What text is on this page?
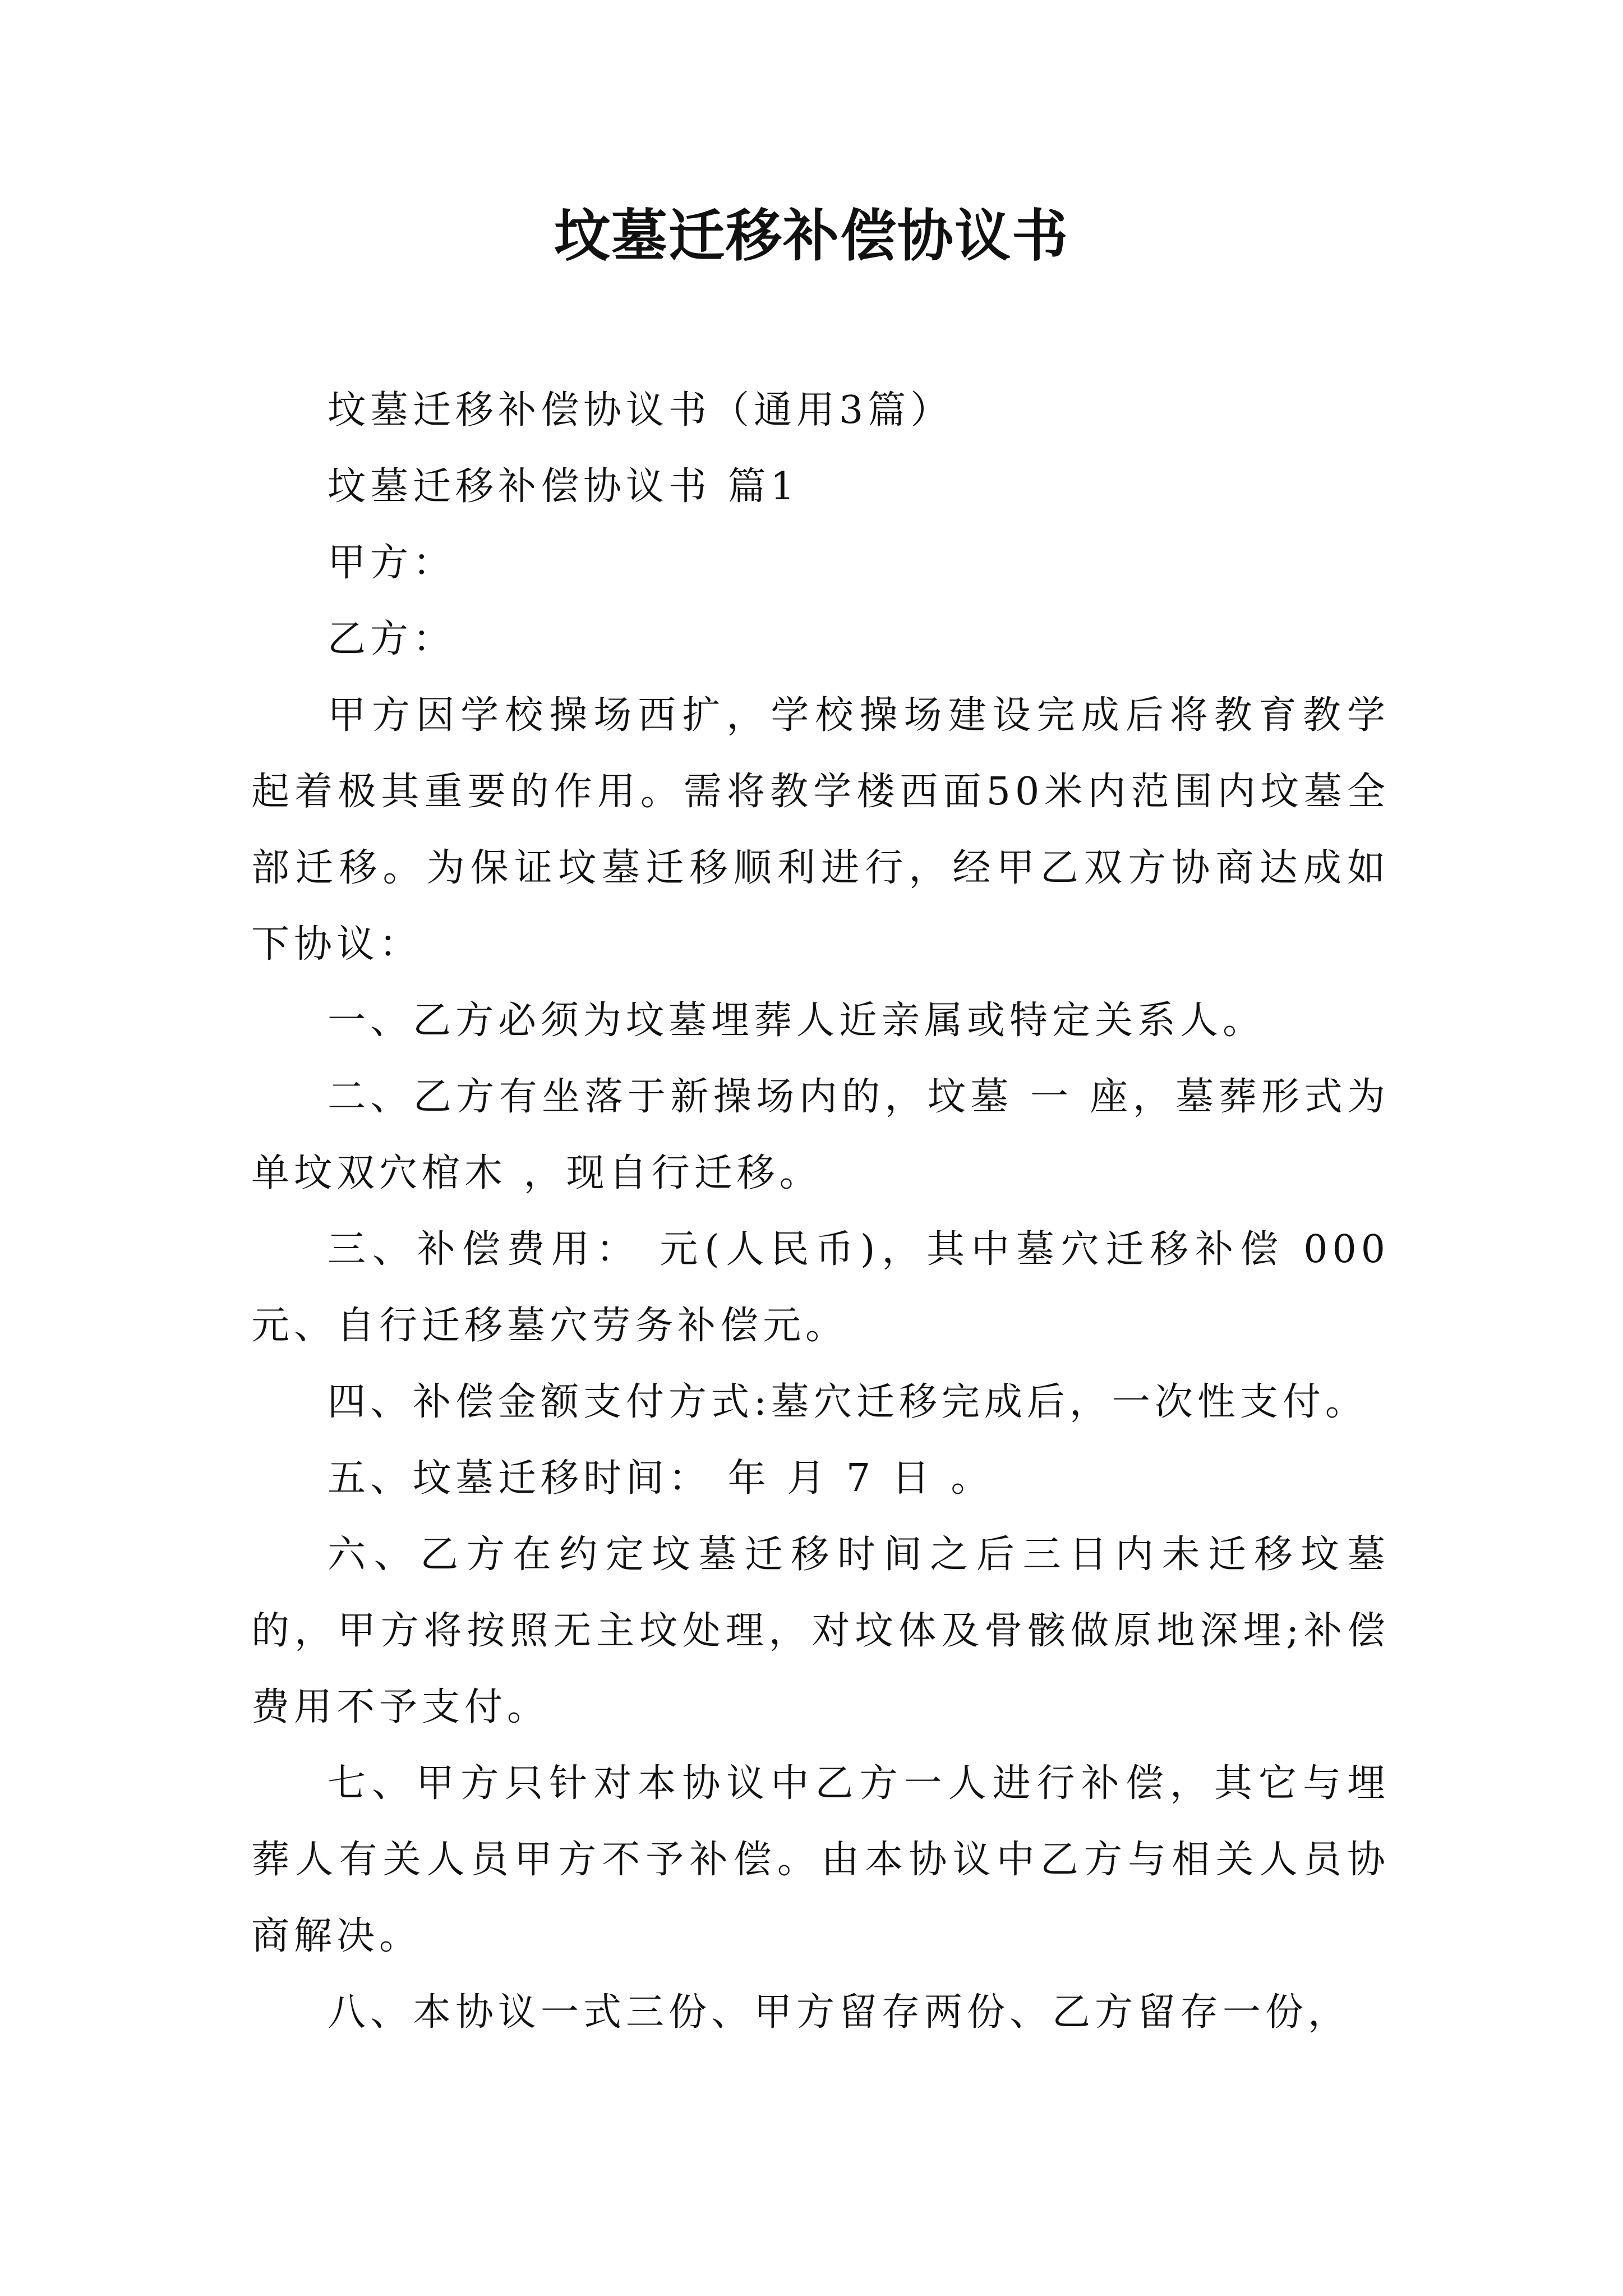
坟墓迁移补偿协议书

坟墓迁移补偿协议书（通用3篇）

坟墓迁移补偿协议书 篇1

甲方：

乙方：

甲方因学校操场西扩，学校操场建设完成后将教育教学起着极其重要的作用。需将教学楼西面50米内范围内坟墓全部迁移。为保证坟墓迁移顺利进行，经甲乙双方协商达成如下协议：

一、乙方必须为坟墓埋葬人近亲属或特定关系人。

二、乙方有坐落于新操场内的，坟墓 一 座，墓葬形式为 单坟双穴棺木 ，现自行迁移。

三、补偿费用： 元(人民币)，其中墓穴迁移补偿 000元、自行迁移墓穴劳务补偿元。

四、补偿金额支付方式:墓穴迁移完成后，一次性支付。

五、坟墓迁移时间： 年 月 7 日 。

六、乙方在约定坟墓迁移时间之后三日内未迁移坟墓的，甲方将按照无主坟处理，对坟体及骨骸做原地深埋;补偿费用不予支付。

七、甲方只针对本协议中乙方一人进行补偿，其它与埋葬人有关人员甲方不予补偿。由本协议中乙方与相关人员协商解决。

八、本协议一式三份、甲方留存两份、乙方留存一份，
